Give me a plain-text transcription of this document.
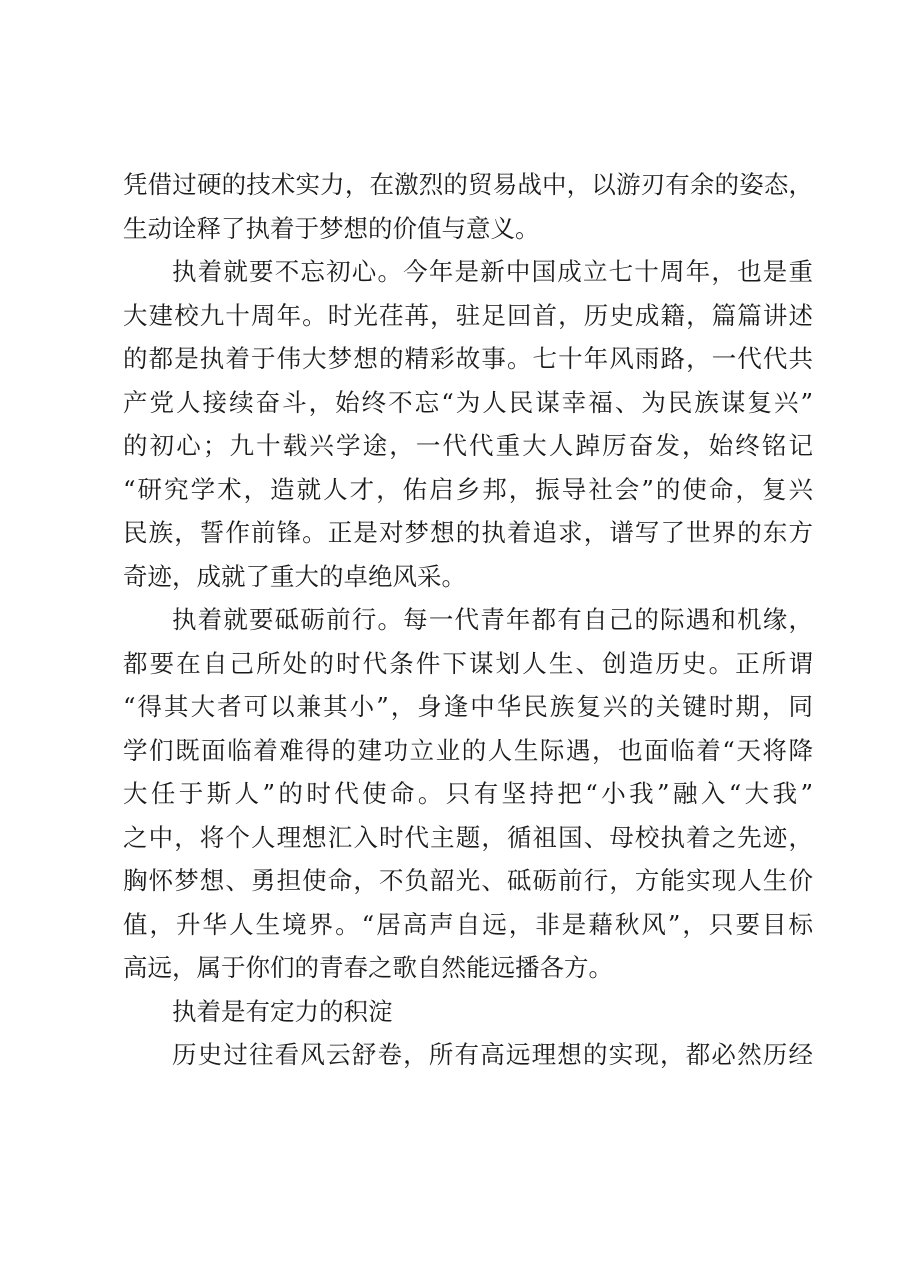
凭借过硬的技术实力，在激烈的贸易战中，以游刃有余的姿态，
生动诠释了执着于梦想的价值与意义。
执着就要不忘初心。今年是新中国成立七十周年，也是重
大建校九十周年。时光荏苒，驻足回首，历史成籍，篇篇讲述
的都是执着于伟大梦想的精彩故事。七十年风雨路，一代代共
产党人接续奋斗，始终不忘“为人民谋幸福、为民族谋复兴”
的初心；九十载兴学途，一代代重大人踔厉奋发，始终铭记
“研究学术，造就人才，佑启乡邦，振导社会”的使命，复兴
民族，誓作前锋。正是对梦想的执着追求，谱写了世界的东方
奇迹，成就了重大的卓绝风采。
执着就要砥砺前行。每一代青年都有自己的际遇和机缘，
都要在自己所处的时代条件下谋划人生、创造历史。正所谓
“得其大者可以兼其小”，身逢中华民族复兴的关键时期，同
学们既面临着难得的建功立业的人生际遇，也面临着“天将降
大任于斯人”的时代使命。只有坚持把“小我”融入“大我”
之中，将个人理想汇入时代主题，循祖国、母校执着之先迹，
胸怀梦想、勇担使命，不负韶光、砥砺前行，方能实现人生价
值，升华人生境界。“居高声自远，非是藉秋风”，只要目标
高远，属于你们的青春之歌自然能远播各方。
执着是有定力的积淀
历史过往看风云舒卷，所有高远理想的实现，都必然历经
